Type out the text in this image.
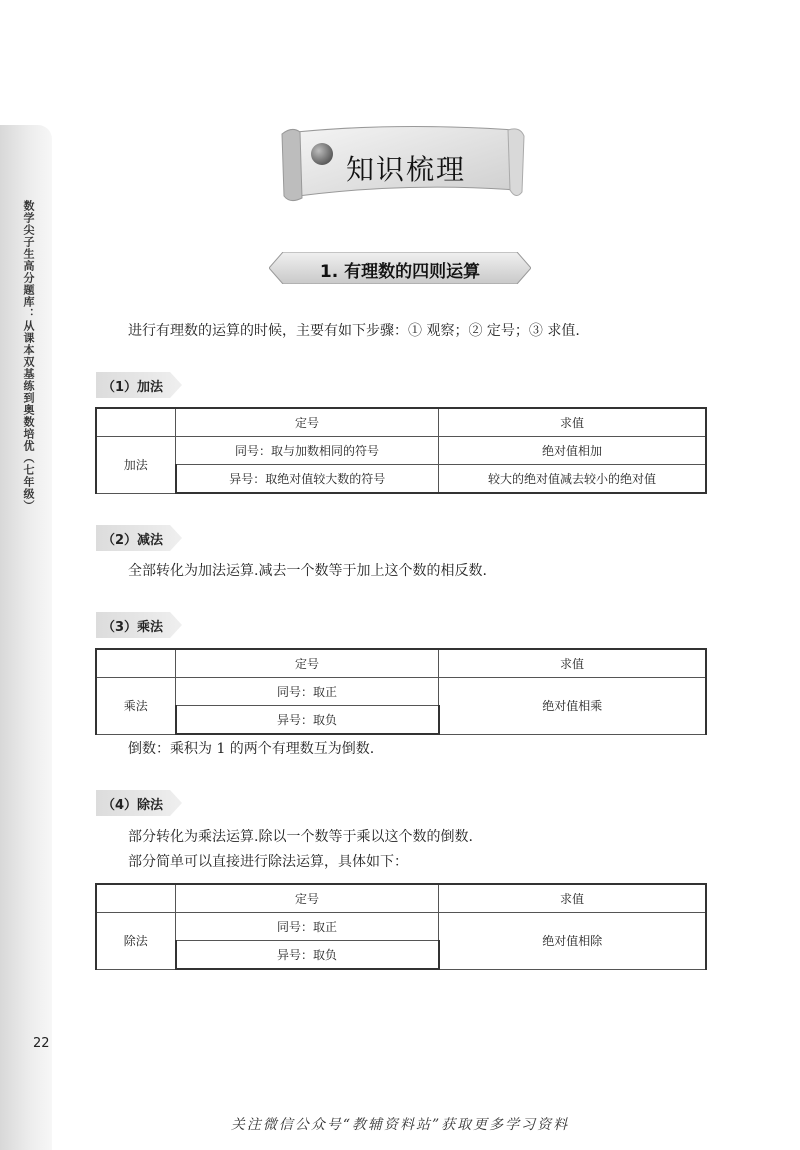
数学尖子生高分题库：从课本双基练到奥数培优（七年级）
22
知识梳理
1. 有理数的四则运算
进行有理数的运算的时候，主要有如下步骤：① 观察；② 定号；③ 求值.
（1）加法
	定号	求值
加法	同号：取与加数相同的符号	绝对值相加
	异号：取绝对值较大数的符号	较大的绝对值减去较小的绝对值
（2）减法
全部转化为加法运算.减去一个数等于加上这个数的相反数.
（3）乘法
	定号	求值
乘法	同号：取正	绝对值相乘
	异号：取负	
倒数：乘积为 1 的两个有理数互为倒数.
（4）除法
部分转化为乘法运算.除以一个数等于乘以这个数的倒数.
部分简单可以直接进行除法运算，具体如下：
	定号	求值
除法	同号：取正	绝对值相除
	异号：取负	
关注微信公众号“教辅资料站”获取更多学习资料
